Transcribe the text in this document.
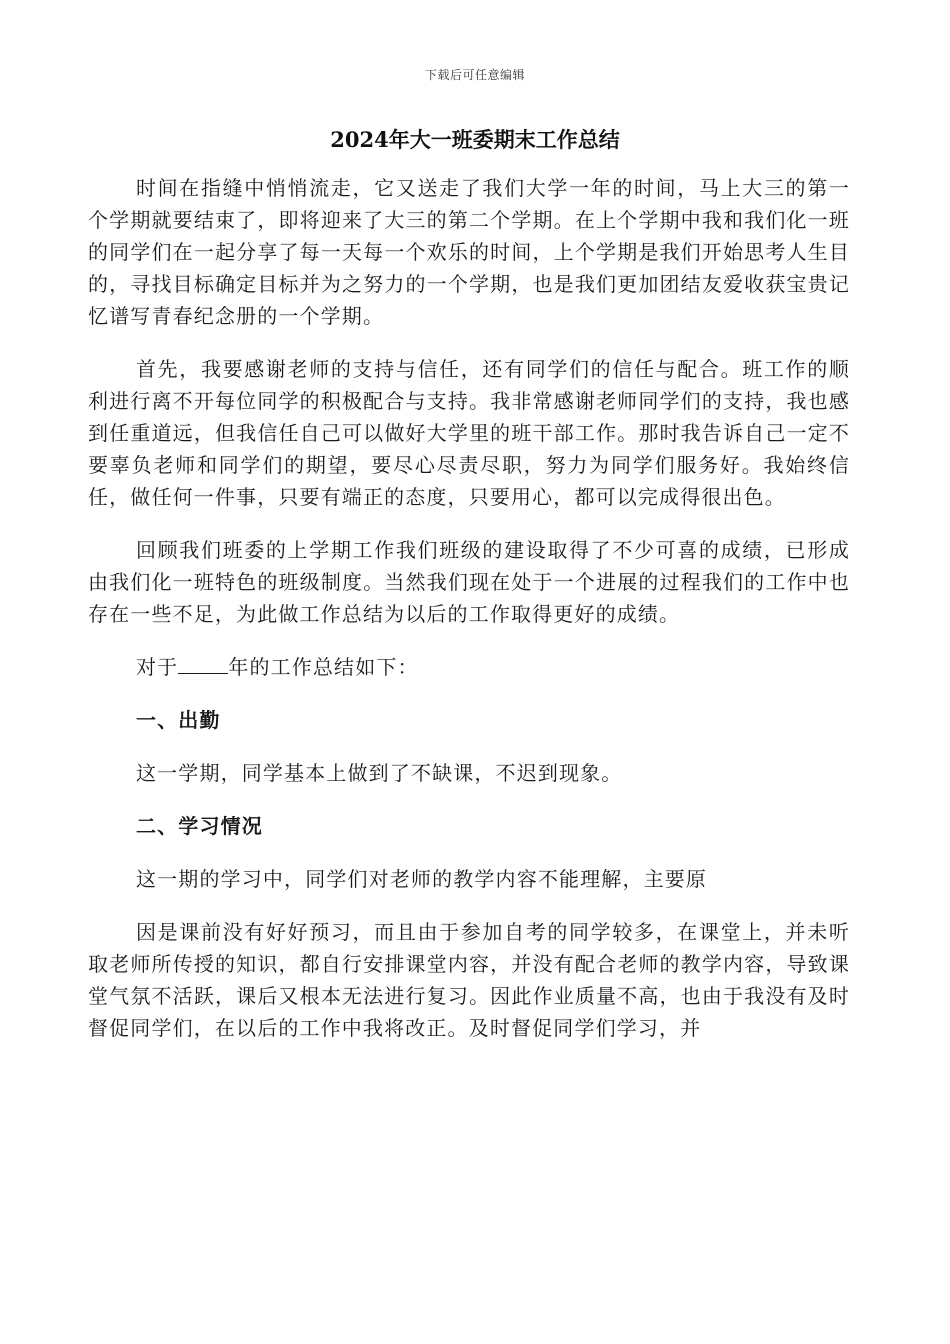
下载后可任意编辑
2024年大一班委期末工作总结

时间在指缝中悄悄流走，它又送走了我们大学一年的时间，马上大三的第一个学期就要结束了，即将迎来了大三的第二个学期。在上个学期中我和我们化一班的同学们在一起分享了每一天每一个欢乐的时间，上个学期是我们开始思考人生目的，寻找目标确定目标并为之努力的一个学期，也是我们更加团结友爱收获宝贵记忆谱写青春纪念册的一个学期。

首先，我要感谢老师的支持与信任，还有同学们的信任与配合。班工作的顺利进行离不开每位同学的积极配合与支持。我非常感谢老师同学们的支持，我也感到任重道远，但我信任自己可以做好大学里的班干部工作。那时我告诉自己一定不要辜负老师和同学们的期望，要尽心尽责尽职，努力为同学们服务好。我始终信任，做任何一件事，只要有端正的态度，只要用心，都可以完成得很出色。

回顾我们班委的上学期工作我们班级的建设取得了不少可喜的成绩，已形成由我们化一班特色的班级制度。当然我们现在处于一个进展的过程我们的工作中也存在一些不足，为此做工作总结为以后的工作取得更好的成绩。

对于	年的工作总结如下：

一、出勤

这一学期，同学基本上做到了不缺课，不迟到现象。

二、学习情况

这一期的学习中，同学们对老师的教学内容不能理解，主要原

因是课前没有好好预习，而且由于参加自考的同学较多，在课堂上，并未听取老师所传授的知识，都自行安排课堂内容，并没有配合老师的教学内容，导致课堂气氛不活跃，课后又根本无法进行复习。因此作业质量不高，也由于我没有及时督促同学们，在以后的工作中我将改正。及时督促同学们学习，并
